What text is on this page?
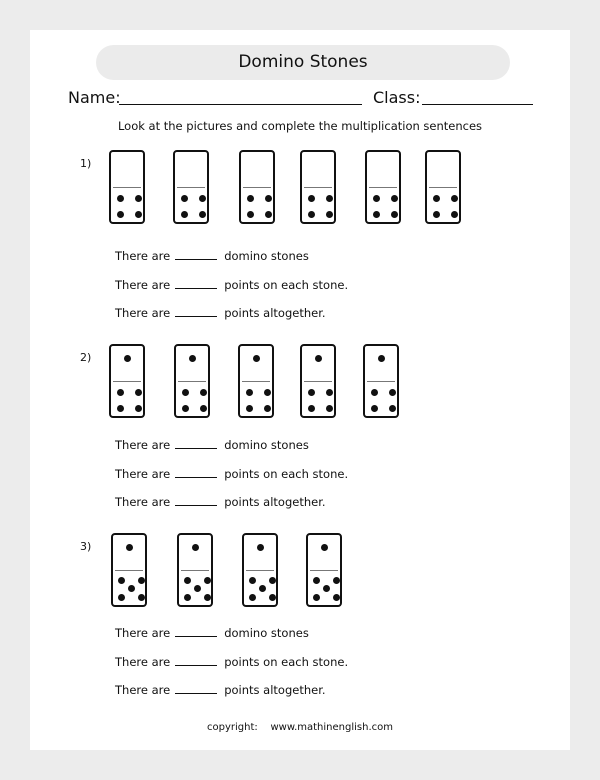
Domino Stones
Name:	Class:
Look at the pictures and complete the multiplication sentences
1)
There are	domino stones
There are	points on each stone.
There are	points altogether.
2)
There are	domino stones
There are	points on each stone.
There are	points altogether.
3)
There are	domino stones
There are	points on each stone.
There are	points altogether.
copyright: www.mathinenglish.com
